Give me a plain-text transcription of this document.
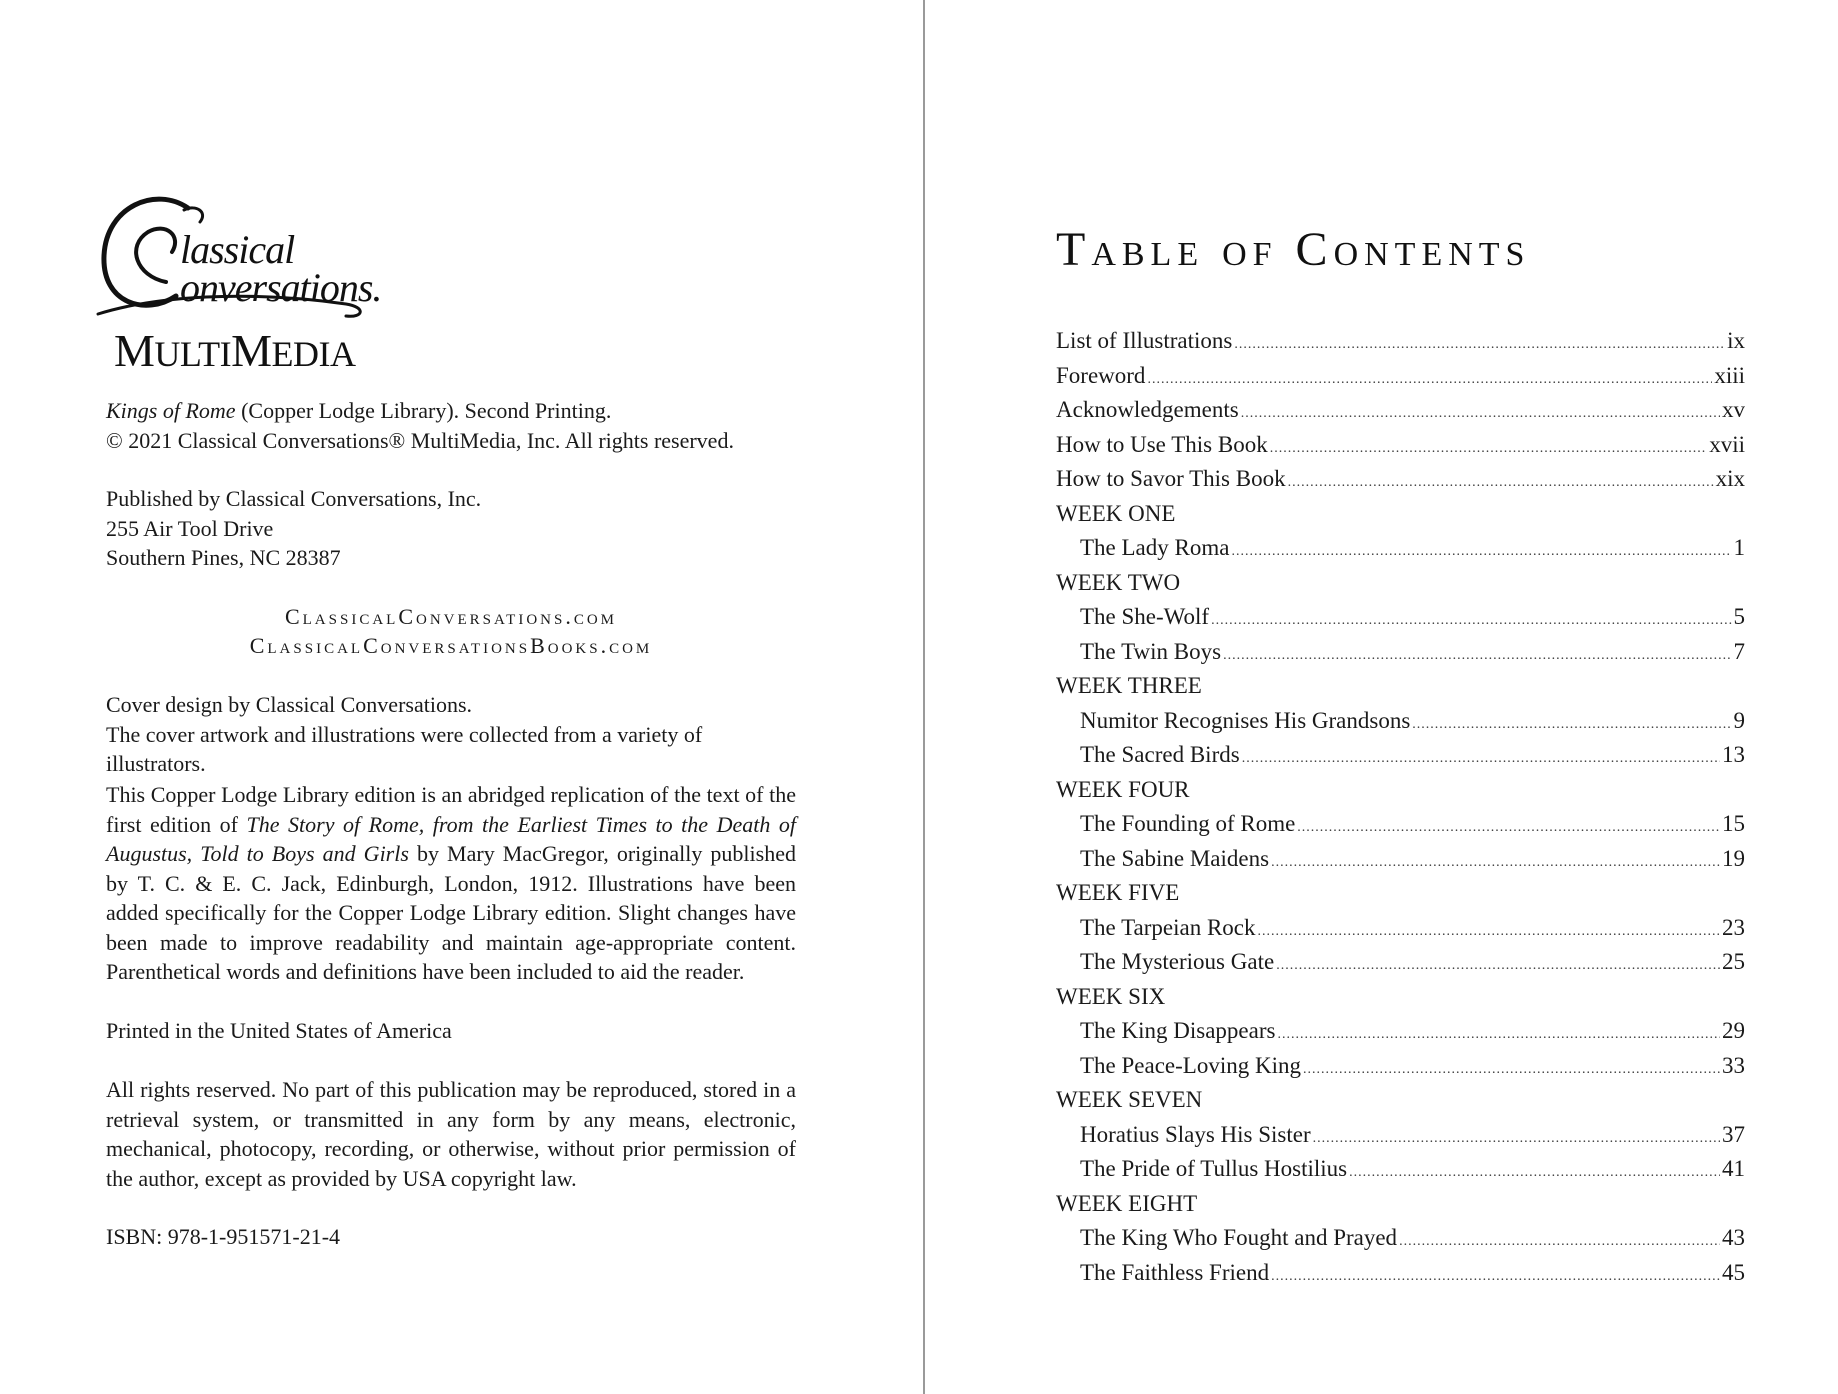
lassical
onversations.
MULTIMEDIA

Kings of Rome (Copper Lodge Library). Second Printing.

© 2021 Classical Conversations® MultiMedia, Inc. All rights reserved.

Published by Classical Conversations, Inc.

255 Air Tool Drive

Southern Pines, NC 28387

ClassicalConversations.com

ClassicalConversationsBooks.com

Cover design by Classical Conversations.

The cover artwork and illustrations were collected from a variety of illustrators.

This Copper Lodge Library edition is an abridged replication of the text of the first edition of The Story of Rome, from the Earliest Times to the Death of Augustus, Told to Boys and Girls by Mary MacGregor, originally published by T. C. & E. C. Jack, Edinburgh, London, 1912. Illustrations have been added specifically for the Copper Lodge Library edition. Slight changes have been made to improve readability and maintain age-appropriate content. Parenthetical words and definitions have been included to aid the reader.

Printed in the United States of America

All rights reserved. No part of this publication may be reproduced, stored in a retrieval system, or transmitted in any form by any means, electronic, mechanical, photocopy, recording, or otherwise, without prior permission of the author, except as provided by USA copyright law.

ISBN: 978-1-951571-21-4

Table of Contents
List of Illustrations .....	ix
Foreword .....	xiii
Acknowledgements .....	xv
How to Use This Book .....	xvii
How to Savor This Book .....	xix
WEEK ONE
The Lady Roma .....	1
WEEK TWO
The She-Wolf .....	5
The Twin Boys .....	7
WEEK THREE
Numitor Recognises His Grandsons .....	9
The Sacred Birds .....	13
WEEK FOUR
The Founding of Rome .....	15
The Sabine Maidens .....	19
WEEK FIVE
The Tarpeian Rock .....	23
The Mysterious Gate .....	25
WEEK SIX
The King Disappears .....	29
The Peace-Loving King .....	33
WEEK SEVEN
Horatius Slays His Sister .....	37
The Pride of Tullus Hostilius .....	41
WEEK EIGHT
The King Who Fought and Prayed .....	43
The Faithless Friend .....	45
